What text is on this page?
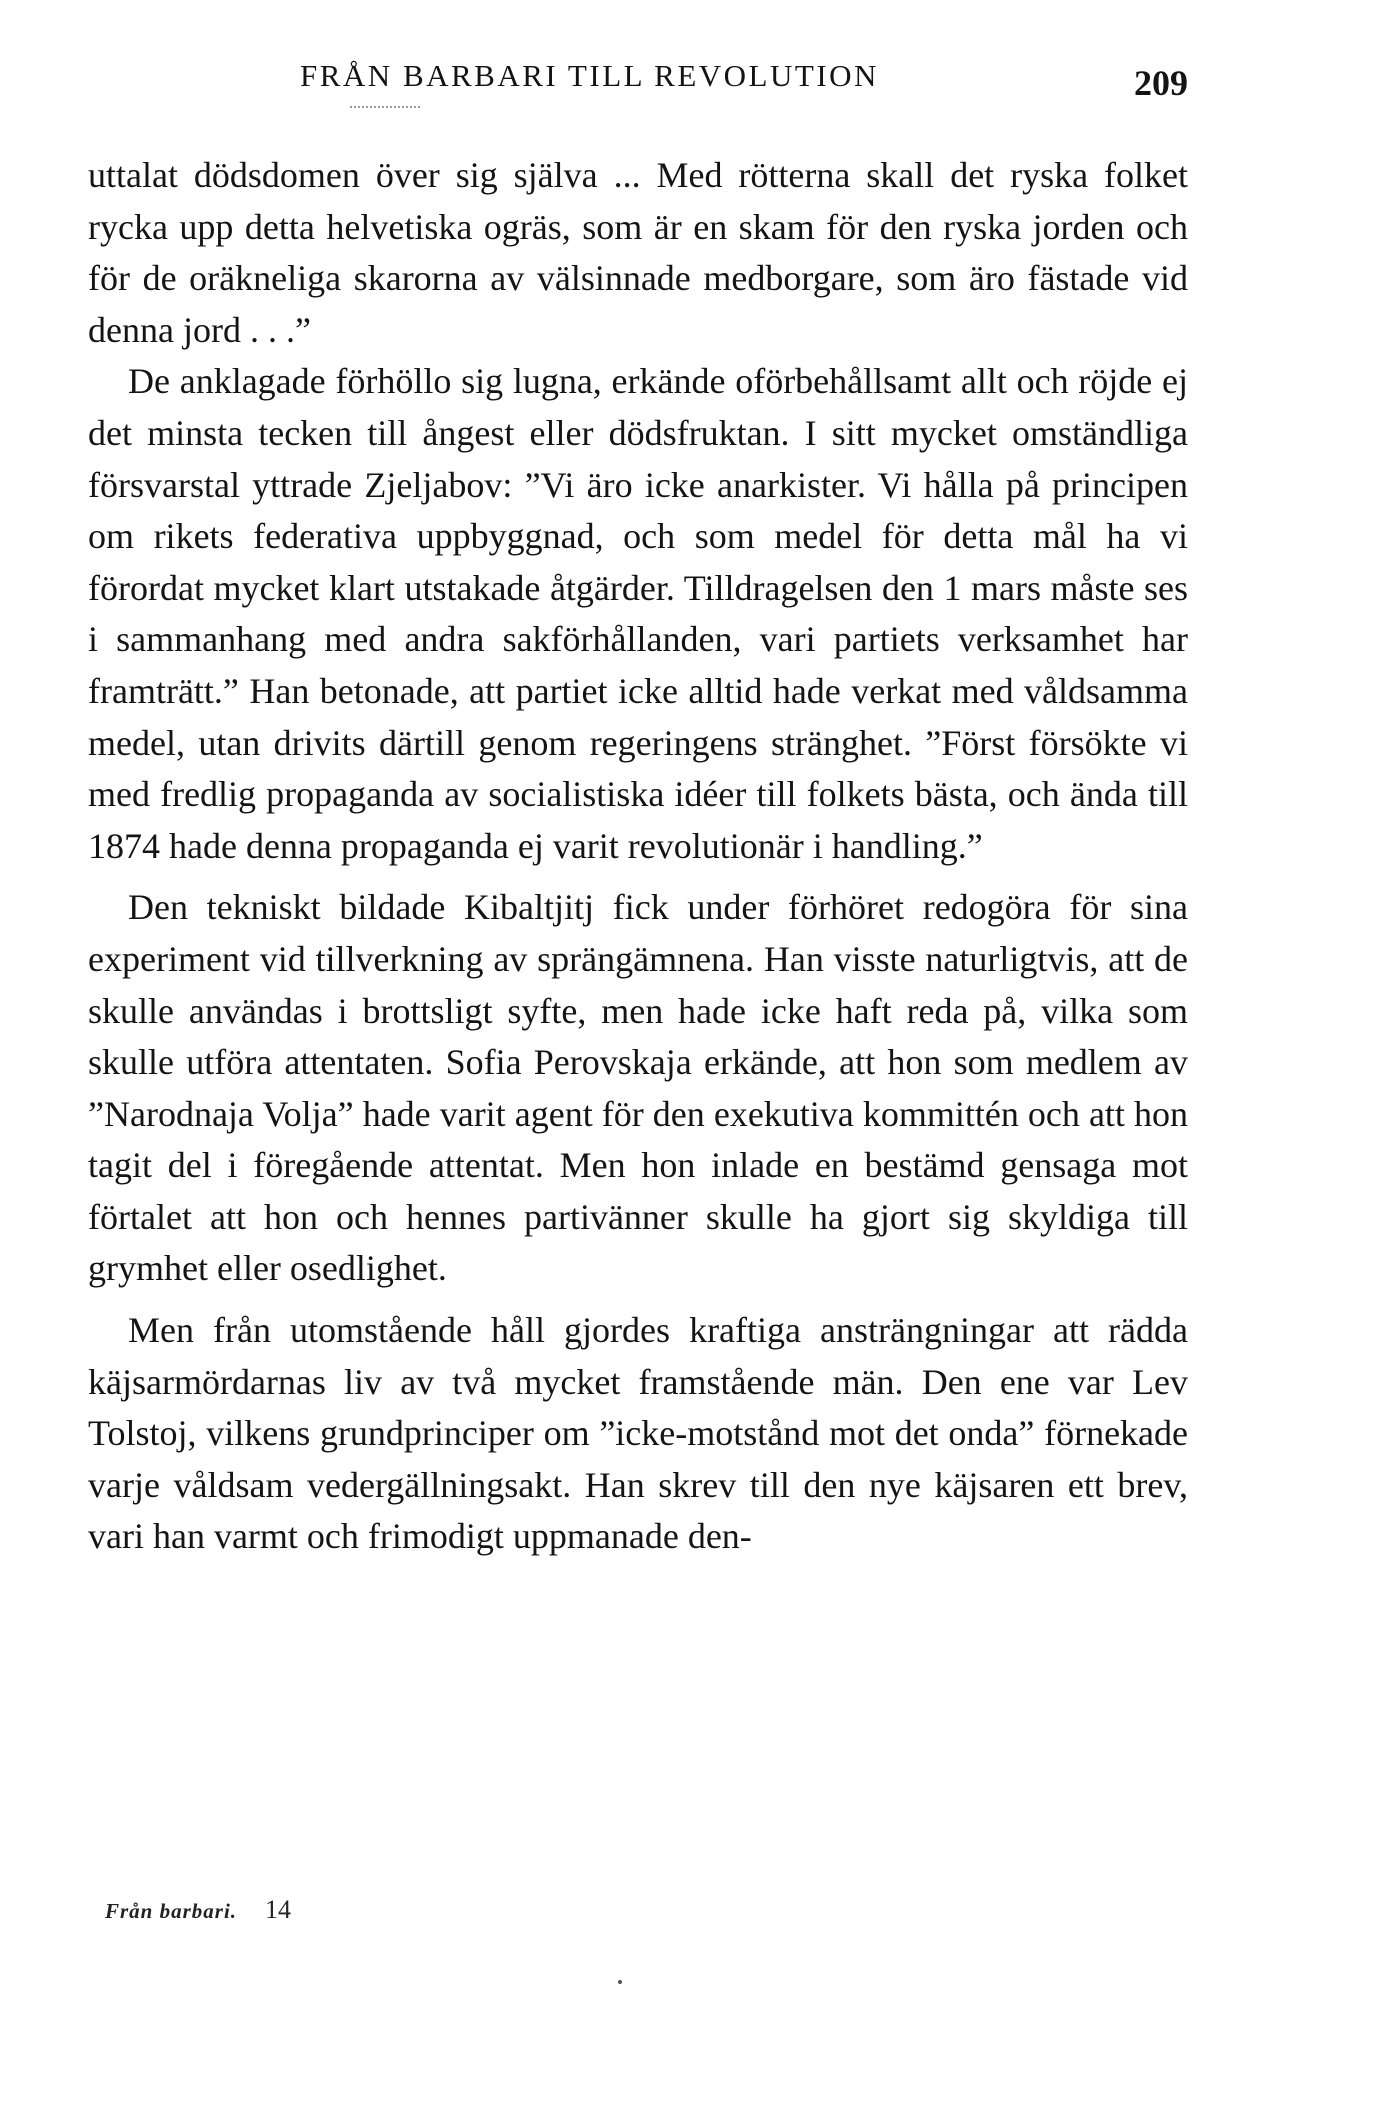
FRÅN BARBARI TILL REVOLUTION	209

uttalat dödsdomen över sig själva ... Med rötterna skall det ryska folket rycka upp detta helvetiska ogräs, som är en skam för den ryska jorden och för de oräkneliga skarorna av välsinnade medborgare, som äro fästade vid denna jord . . .”

De anklagade förhöllo sig lugna, erkände oförbehållsamt allt och röjde ej det minsta tecken till ångest eller dödsfruktan. I sitt mycket omständliga försvarstal yttrade Zjeljabov: ”Vi äro icke anarkister. Vi hålla på principen om rikets federativa uppbyggnad, och som medel för detta mål ha vi förordat mycket klart utstakade åtgärder. Tilldragelsen den 1 mars måste ses i sammanhang med andra sakförhållanden, vari partiets verksamhet har framträtt.” Han betonade, att partiet icke alltid hade verkat med våldsamma medel, utan drivits därtill genom regeringens stränghet. ”Först försökte vi med fredlig propaganda av socialistiska idéer till folkets bästa, och ända till 1874 hade denna propaganda ej varit revolutionär i handling.”

Den tekniskt bildade Kibaltjitj fick under förhöret redogöra för sina experiment vid tillverkning av sprängämnena. Han visste naturligtvis, att de skulle användas i brottsligt syfte, men hade icke haft reda på, vilka som skulle utföra attentaten. Sofia Perovskaja erkände, att hon som medlem av ”Narodnaja Volja” hade varit agent för den exekutiva kommittén och att hon tagit del i föregående attentat. Men hon inlade en bestämd gensaga mot förtalet att hon och hennes partivänner skulle ha gjort sig skyldiga till grymhet eller osedlighet.

Men från utomstående håll gjordes kraftiga ansträngningar att rädda käjsarmördarnas liv av två mycket framstående män. Den ene var Lev Tolstoj, vilkens grundprinciper om ”icke-motstånd mot det onda” förnekade varje våldsam vedergällningsakt. Han skrev till den nye käjsaren ett brev, vari han varmt och frimodigt uppmanade den-

Från barbari. 14
